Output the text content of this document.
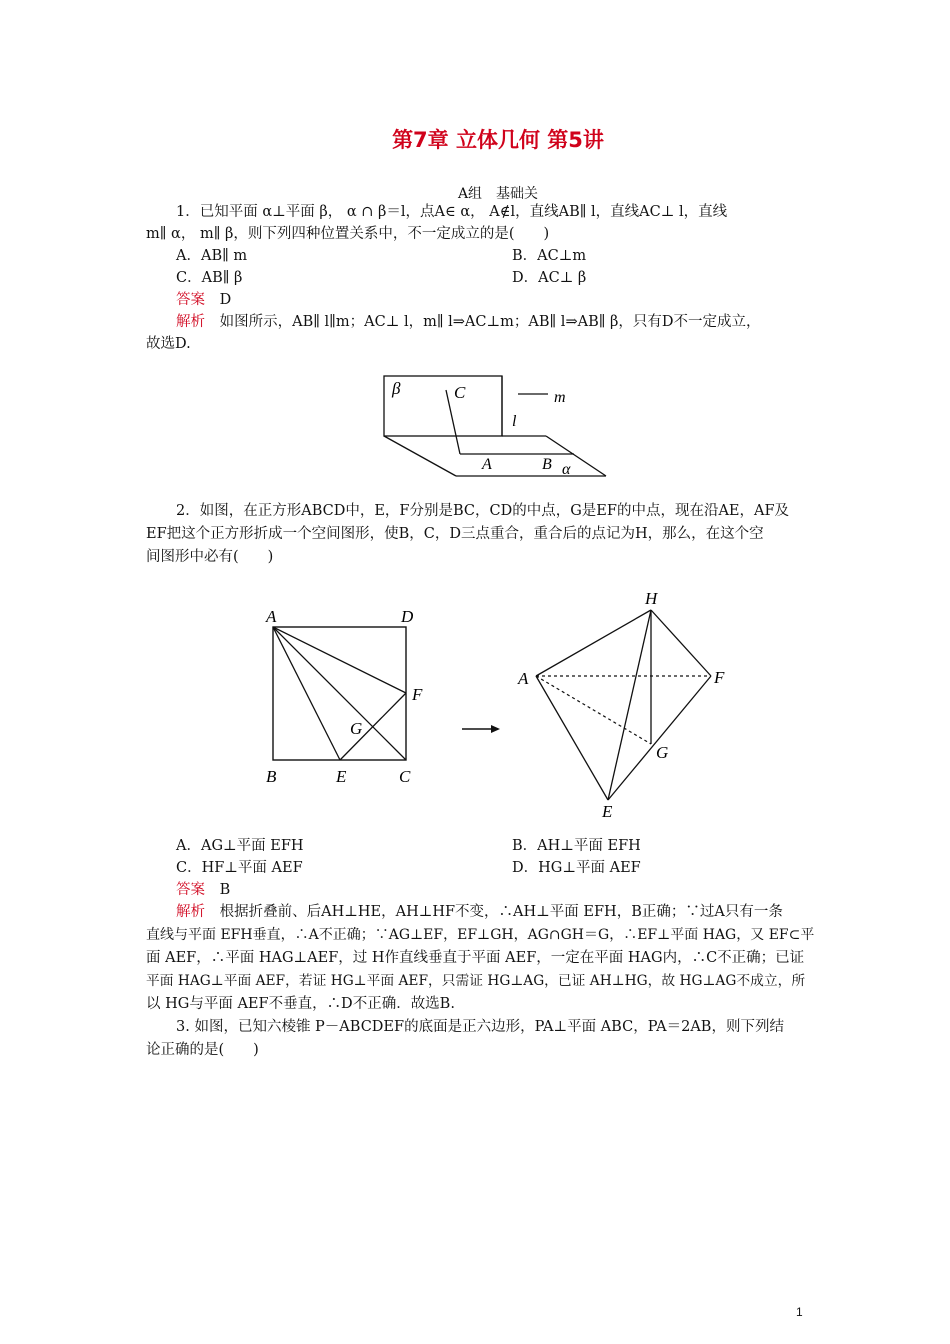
第7章 立体几何 第5讲
A组　基础关
1．已知平面 α⊥平面 β， α ∩ β＝l，点A∈ α， A∉l，直线AB∥ l，直线AC⊥ l，直线
m∥ α， m∥ β，则下列四种位置关系中，不一定成立的是(　　)
A．AB∥ m	B．AC⊥m
C．AB∥ β	D．AC⊥ β
答案 D
解析 如图所示，AB∥ l∥m；AC⊥ l，m∥ l⇒AC⊥m；AB∥ l⇒AB∥ β，只有D不一定成立，
故选D.
β	C	m
l
A	B α
2．如图，在正方形ABCD中，E，F分别是BC，CD的中点，G是EF的中点，现在沿AE，AF及
EF把这个正方形折成一个空间图形，使B，C，D三点重合，重合后的点记为H，那么，在这个空
间图形中必有(　　)
A	D
F
G
B	E	C
H
A	F
G
E
A．AG⊥平面 EFH	B．AH⊥平面 EFH
C．HF⊥平面 AEF	D．HG⊥平面 AEF
答案 B
解析 根据折叠前、后AH⊥HE，AH⊥HF不变，∴AH⊥平面 EFH，B正确；∵过A只有一条
直线与平面 EFH垂直，∴A不正确；∵AG⊥EF，EF⊥GH，AG∩GH＝G，∴EF⊥平面 HAG，又 EF⊂平
面 AEF，∴平面 HAG⊥AEF，过 H作直线垂直于平面 AEF，一定在平面 HAG内，∴C不正确；已证
平面 HAG⊥平面 AEF，若证 HG⊥平面 AEF，只需证 HG⊥AG，已证 AH⊥HG，故 HG⊥AG不成立，所
以 HG与平面 AEF不垂直，∴D不正确．故选B.
3. 如图，已知六棱锥 P－ABCDEF的底面是正六边形，PA⊥平面 ABC，PA＝2AB，则下列结
论正确的是(　　)
1
